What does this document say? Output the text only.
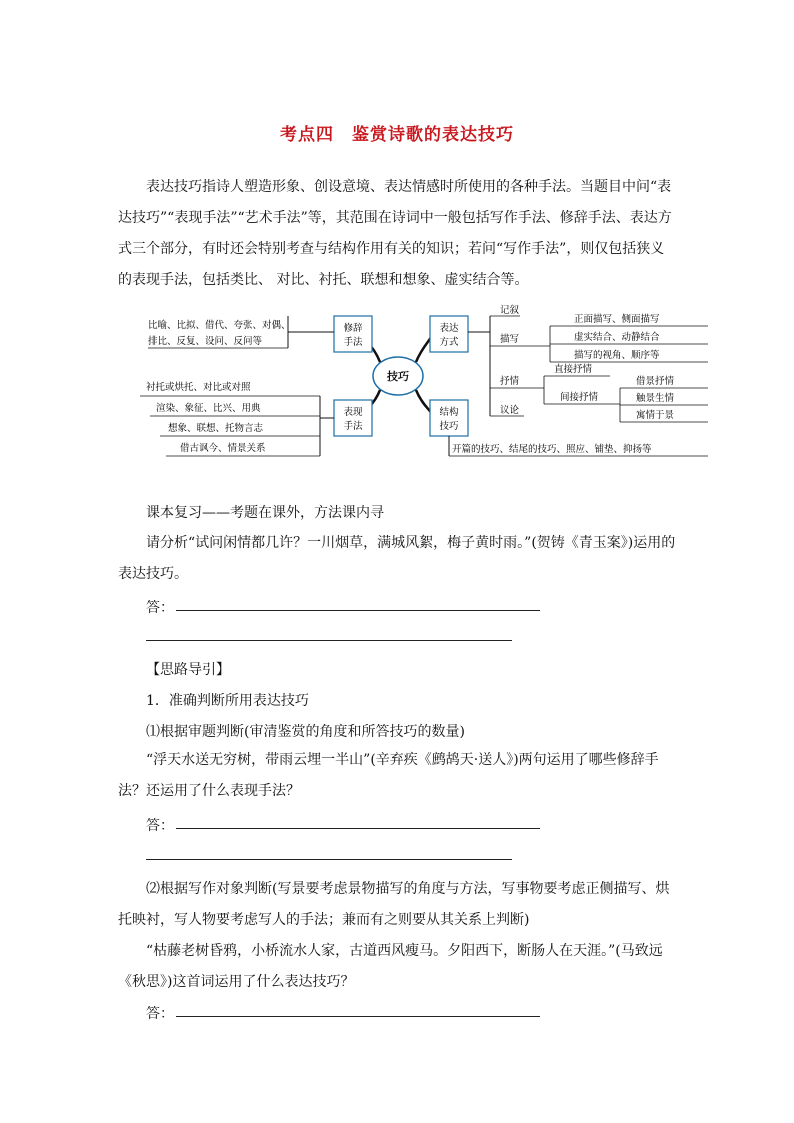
考点四　鉴赏诗歌的表达技巧

表达技巧指诗人塑造形象、创设意境、表达情感时所使用的各种手法。当题目中问“表达技巧”“表现手法”“艺术手法”等，其范围在诗词中一般包括写作手法、修辞手法、表达方式三个部分，有时还会特别考查与结构作用有关的知识；若问“写作手法”，则仅包括狭义的表现手法，包括类比、 对比、衬托、联想和想象、虚实结合等。

技巧
修辞
手法
比喻、比拟、借代、夸张、对偶、
排比、反复、设问、反问等
表达
方式
记叙
描写
正面描写、侧面描写
虚实结合、动静结合
描写的视角、顺序等
抒情
直接抒情
间接抒情
借景抒情
触景生情
寓情于景
议论
表现
手法
衬托或烘托、对比或对照
渲染、象征、比兴、用典
想象、联想、托物言志
借古讽今、情景关系
结构
技巧
开篇的技巧、结尾的技巧、照应、铺垫、抑扬等
课本复习——考题在课外，方法课内寻

请分析“试问闲情都几许？一川烟草，满城风絮，梅子黄时雨。”(贺铸《青玉案》)运用的表达技巧。

答：
【思路导引】
1．准确判断所用表达技巧
⑴根据审题判断(审清鉴赏的角度和所答技巧的数量)

“浮天水送无穷树，带雨云埋一半山”(辛弃疾《鹧鸪天·送人》)两句运用了哪些修辞手法？还运用了什么表现手法？

答：

⑵根据写作对象判断(写景要考虑景物描写的角度与方法，写事物要考虑正侧描写、烘托映衬，写人物要考虑写人的手法；兼而有之则要从其关系上判断)

“枯藤老树昏鸦，小桥流水人家，古道西风瘦马。夕阳西下，断肠人在天涯。”(马致远《秋思》)这首词运用了什么表达技巧？

答：
